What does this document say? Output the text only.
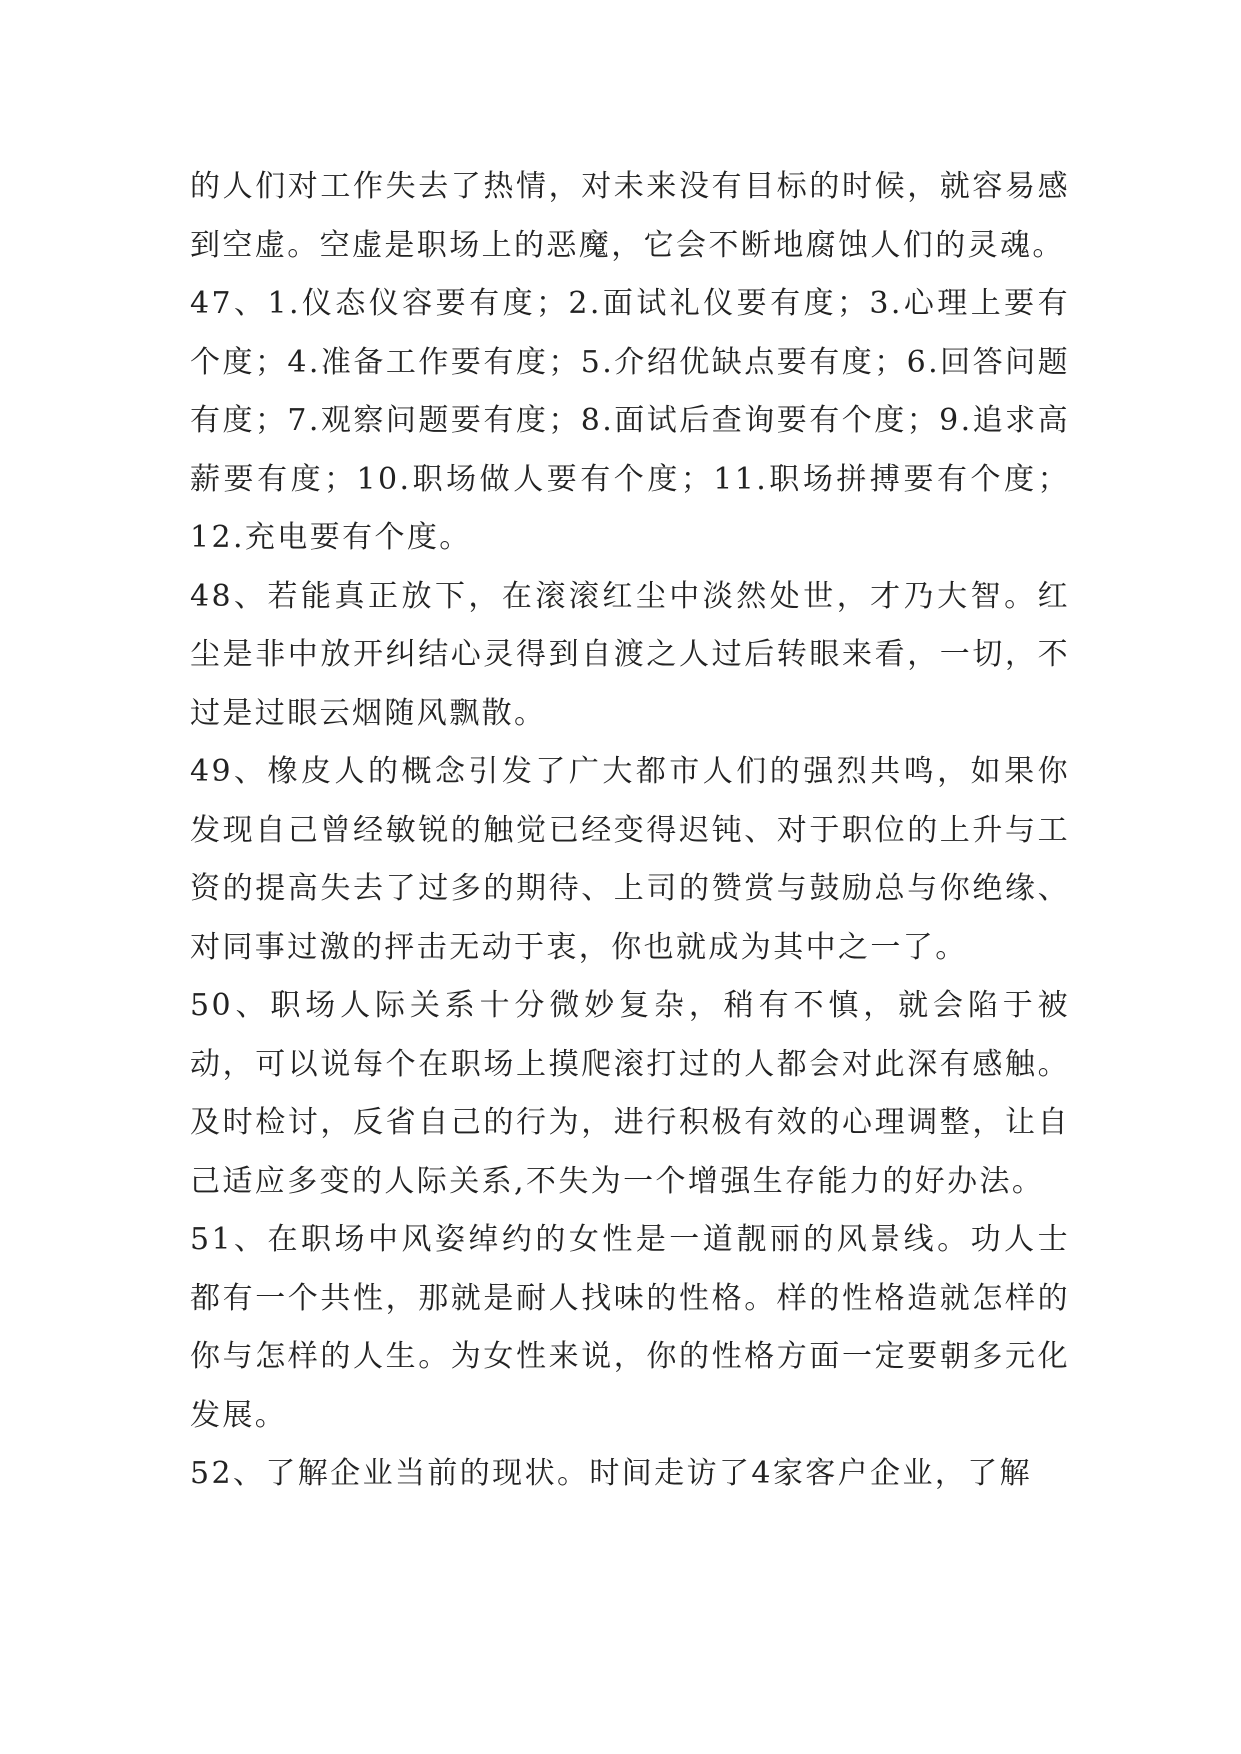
的人们对工作失去了热情，对未来没有目标的时候，就容易感到空虚。空虚是职场上的恶魔，它会不断地腐蚀人们的灵魂。

47、1.仪态仪容要有度；2.面试礼仪要有度；3.心理上要有个度；4.准备工作要有度；5.介绍优缺点要有度；6.回答问题有度；7.观察问题要有度；8.面试后查询要有个度；9.追求高薪要有度；10.职场做人要有个度；11.职场拼搏要有个度；12.充电要有个度。

48、若能真正放下，在滚滚红尘中淡然处世，才乃大智。红尘是非中放开纠结心灵得到自渡之人过后转眼来看，一切，不过是过眼云烟随风飘散。

49、橡皮人的概念引发了广大都市人们的强烈共鸣，如果你发现自己曾经敏锐的触觉已经变得迟钝、对于职位的上升与工资的提高失去了过多的期待、上司的赞赏与鼓励总与你绝缘、对同事过激的抨击无动于衷，你也就成为其中之一了。

50、职场人际关系十分微妙复杂，稍有不慎，就会陷于被动，可以说每个在职场上摸爬滚打过的人都会对此深有感触。及时检讨，反省自己的行为，进行积极有效的心理调整，让自己适应多变的人际关系,不失为一个增强生存能力的好办法。

51、在职场中风姿绰约的女性是一道靓丽的风景线。功人士都有一个共性，那就是耐人找味的性格。样的性格造就怎样的你与怎样的人生。为女性来说，你的性格方面一定要朝多元化发展。

52、了解企业当前的现状。时间走访了4家客户企业，了解
